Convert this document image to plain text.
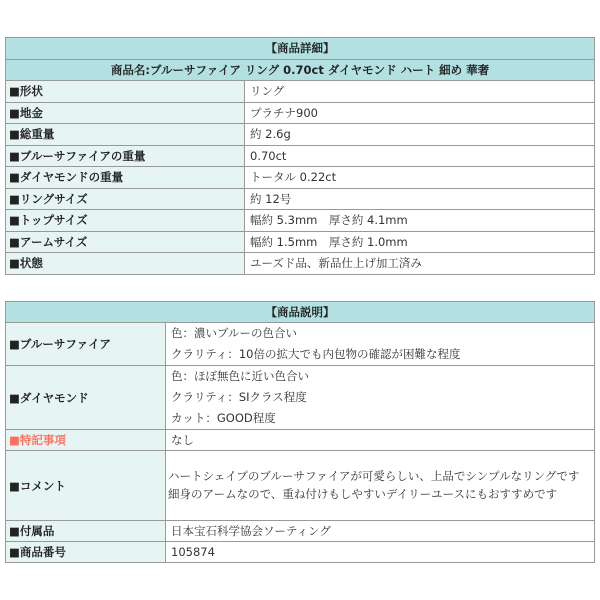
【商品詳細】	
商品名:ブルーサファイア リング 0.70ct ダイヤモンド ハート 細め 華奢	
■形状	リング
■地金	プラチナ900
■総重量	約 2.6g
■ブルーサファイアの重量	0.70ct
■ダイヤモンドの重量	トータル 0.22ct
■リングサイズ	約 12号
■トップサイズ	幅約 5.3mm　厚さ約 4.1mm
■アームサイズ	幅約 1.5mm　厚さ約 1.0mm
■状態	ユーズド品、新品仕上げ加工済み
【商品説明】	
■ブルーサファイア	色：濃いブルーの色合い
クラリティ：10倍の拡大でも内包物の確認が困難な程度

■ダイヤモンド	色：ほぼ無色に近い色合い
クラリティ：SIクラス程度
カット：GOOD程度

■特記事項	なし
■コメント	ハートシェイプのブルーサファイアが可愛らしい、上品でシンプルなリングです
細身のアームなので、重ね付けもしやすいデイリーユースにもおすすめです
■付属品	日本宝石科学協会ソーティング
■商品番号	105874
